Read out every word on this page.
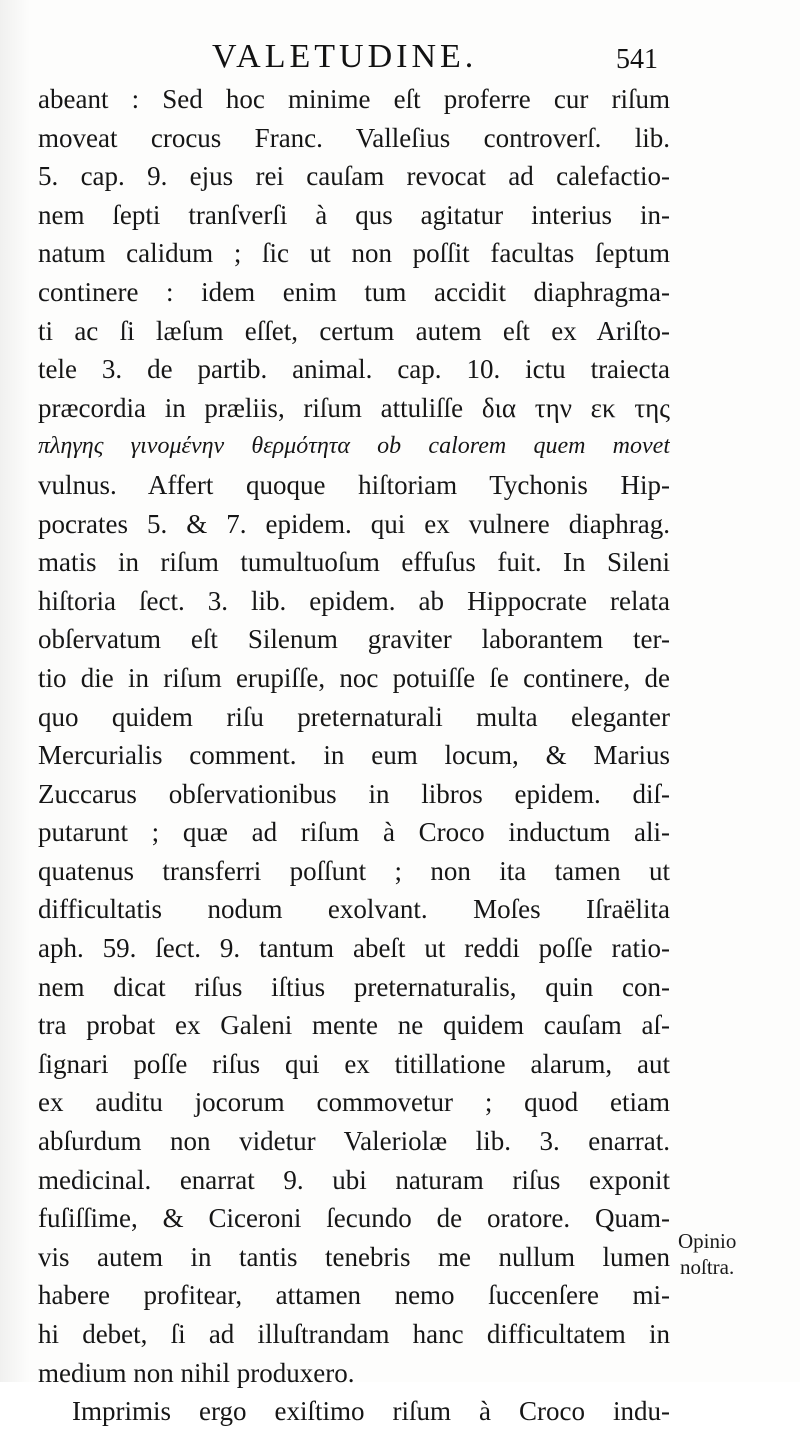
VALETUDINE.	541
abeant : Sed hoc minime eſt proferre cur riſum
moveat crocus Franc. Valleſius controverſ. lib.
5. cap. 9. ejus rei cauſam revocat ad calefactio-
nem ſepti tranſverſi à qus agitatur interius in-
natum calidum ; ſic ut non poſſit facultas ſeptum
continere : idem enim tum accidit diaphragma-
ti ac ſi læſum eſſet, certum autem eſt ex Ariſto-
tele 3. de partib. animal. cap. 10. ictu traiecta
præcordia in præliis, riſum attuliſſe δια την εκ της
πληγης γινομένην θερμότητα ob calorem quem movet
vulnus. Affert quoque hiſtoriam Tychonis Hip-
pocrates 5. & 7. epidem. qui ex vulnere diaphrag.
matis in riſum tumultuoſum effuſus fuit. In Sileni
hiſtoria ſect. 3. lib. epidem. ab Hippocrate relata
obſervatum eſt Silenum graviter laborantem ter-
tio die in riſum erupiſſe, noc potuiſſe ſe continere, de
quo quidem riſu preternaturali multa eleganter
Mercurialis comment. in eum locum, & Marius
Zuccarus obſervationibus in libros epidem. diſ-
putarunt ; quæ ad riſum à Croco inductum ali-
quatenus transferri poſſunt ; non ita tamen ut
difficultatis nodum exolvant. Moſes Iſraëlita
aph. 59. ſect. 9. tantum abeſt ut reddi poſſe ratio-
nem dicat riſus iſtius preternaturalis, quin con-
tra probat ex Galeni mente ne quidem cauſam aſ-
ſignari poſſe riſus qui ex titillatione alarum, aut
ex auditu jocorum commovetur ; quod etiam
abſurdum non videtur Valeriolæ lib. 3. enarrat.
medicinal. enarrat 9. ubi naturam riſus exponit
fuſiſſime, & Ciceroni ſecundo de oratore. Quam-
vis autem in tantis tenebris me nullum lumen
habere profitear, attamen nemo ſuccenſere mi-
hi debet, ſi ad illuſtrandam hanc difficultatem in
medium non nihil produxero.
Imprimis ergo exiſtimo riſum à Croco indu-
Opinio
noſtra.
